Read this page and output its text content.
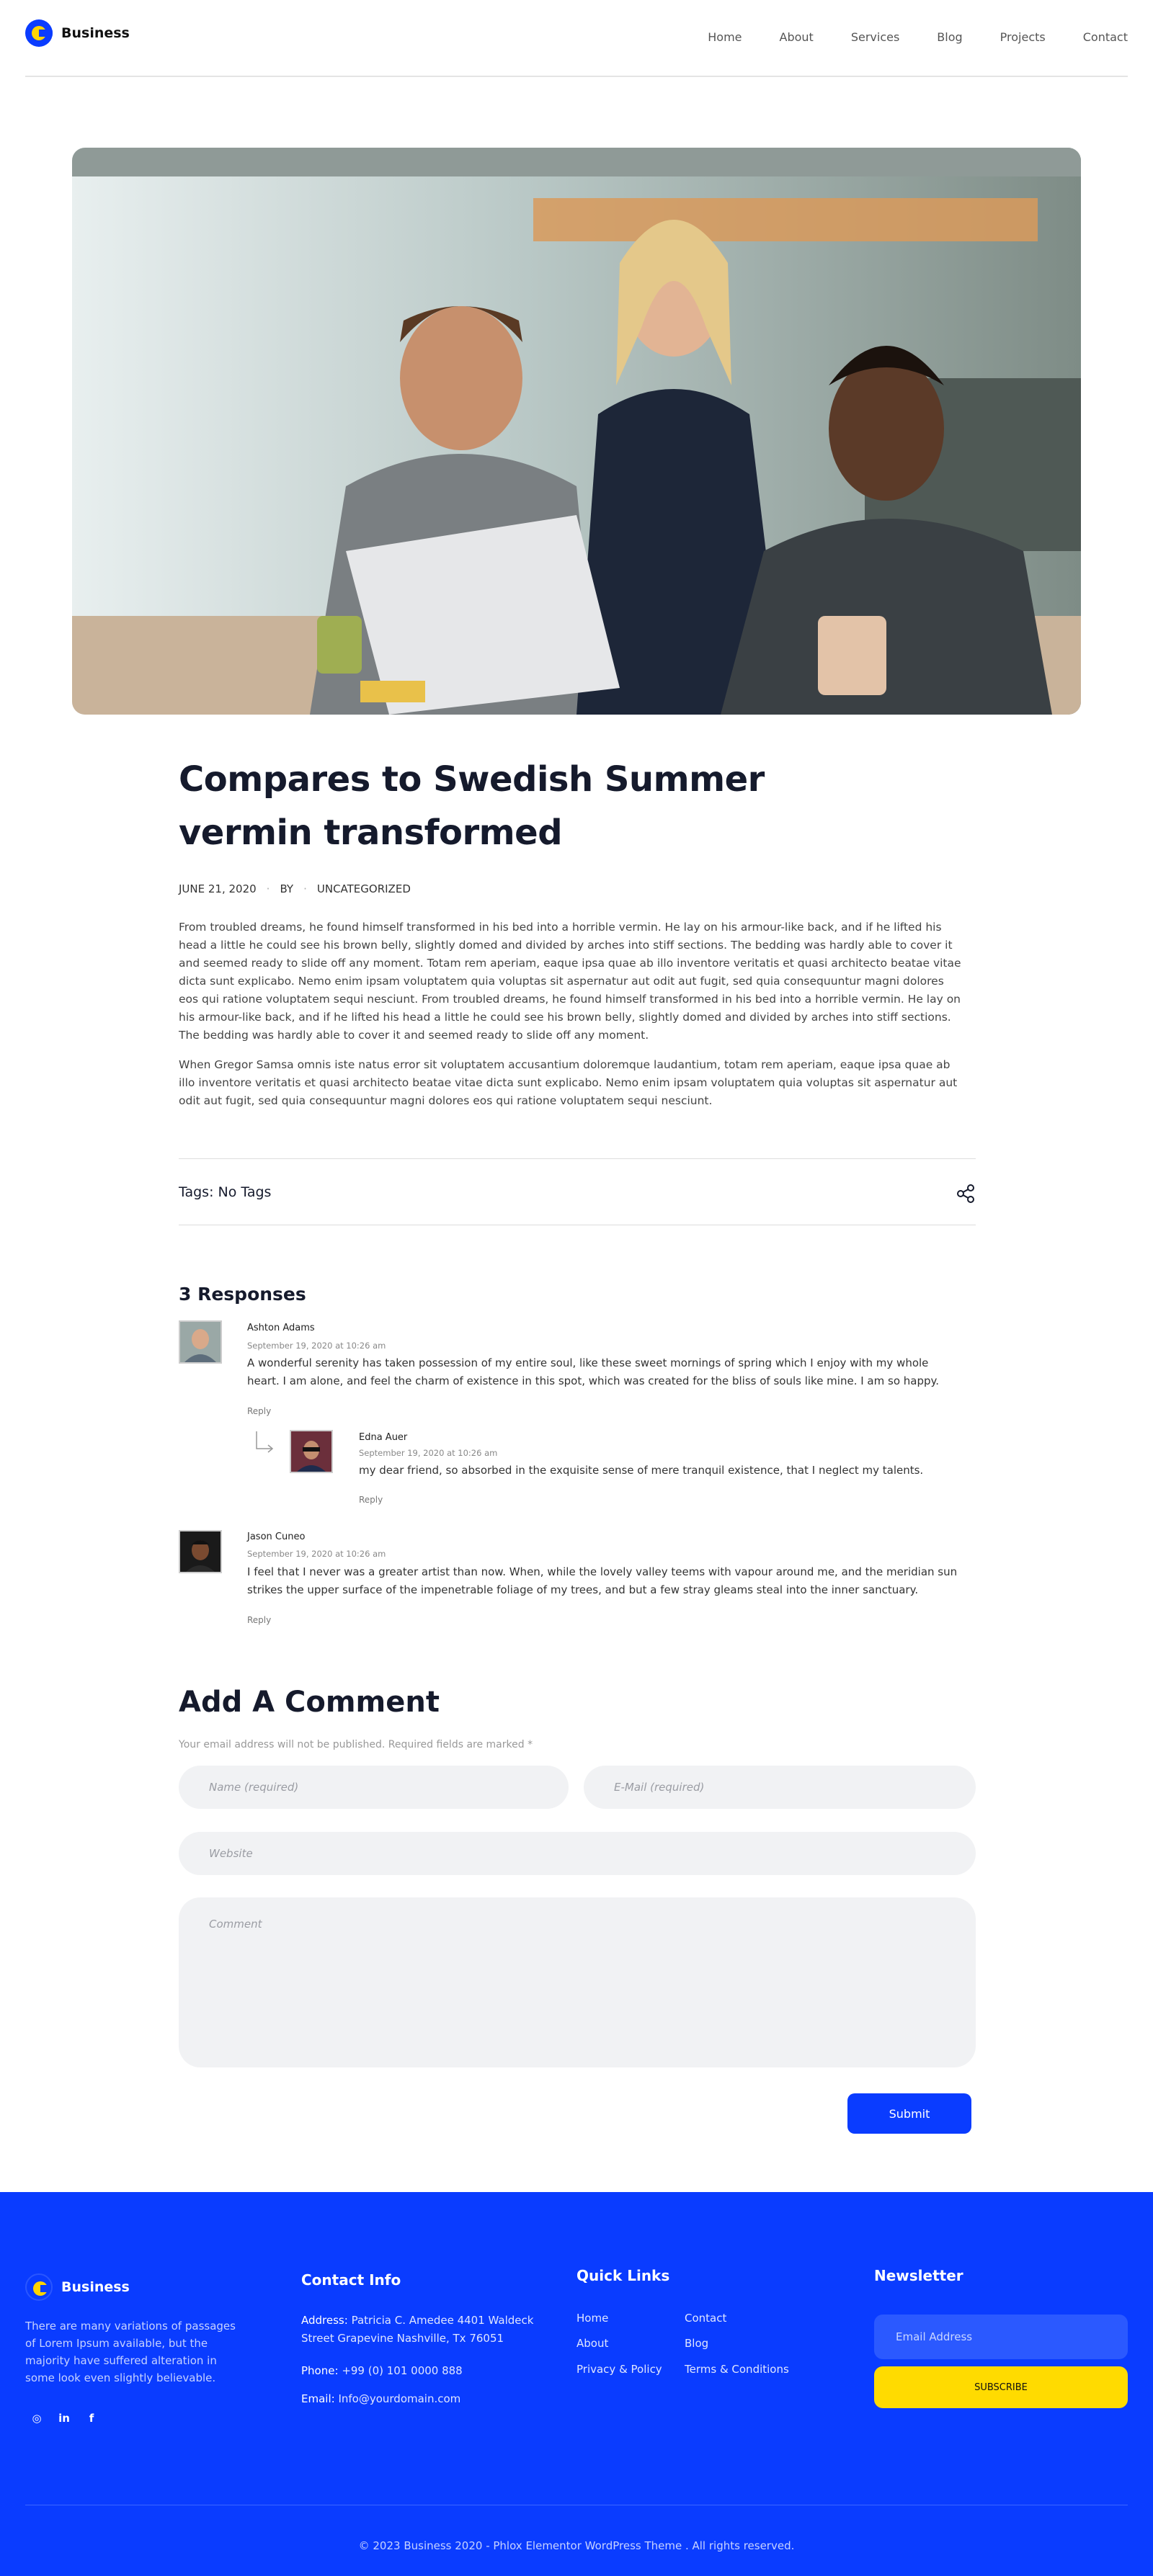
Business	Home	About	Services	Blog	Projects	Contact
Compares to Swedish Summer vermin transformed
JUNE 21, 2020 · BY · UNCATEGORIZED

From troubled dreams, he found himself transformed in his bed into a horrible vermin. He lay on his armour-like back, and if he lifted his head a little he could see his brown belly, slightly domed and divided by arches into stiff sections. The bedding was hardly able to cover it and seemed ready to slide off any moment. Totam rem aperiam, eaque ipsa quae ab illo inventore veritatis et quasi architecto beatae vitae dicta sunt explicabo. Nemo enim ipsam voluptatem quia voluptas sit aspernatur aut odit aut fugit, sed quia consequuntur magni dolores eos qui ratione voluptatem sequi nesciunt. From troubled dreams, he found himself transformed in his bed into a horrible vermin. He lay on his armour-like back, and if he lifted his head a little he could see his brown belly, slightly domed and divided by arches into stiff sections. The bedding was hardly able to cover it and seemed ready to slide off any moment.

When Gregor Samsa omnis iste natus error sit voluptatem accusantium doloremque laudantium, totam rem aperiam, eaque ipsa quae ab illo inventore veritatis et quasi architecto beatae vitae dicta sunt explicabo. Nemo enim ipsam voluptatem quia voluptas sit aspernatur aut odit aut fugit, sed quia consequuntur magni dolores eos qui ratione voluptatem sequi nesciunt.

Tags: No Tags
3 Responses
Ashton Adams
September 19, 2020 at 10:26 am

A wonderful serenity has taken possession of my entire soul, like these sweet mornings of spring which I enjoy with my whole heart. I am alone, and feel the charm of existence in this spot, which was created for the bliss of souls like mine. I am so happy.

Reply
Edna Auer
September 19, 2020 at 10:26 am

my dear friend, so absorbed in the exquisite sense of mere tranquil existence, that I neglect my talents.

Reply
Jason Cuneo
September 19, 2020 at 10:26 am

I feel that I never was a greater artist than now. When, while the lovely valley teems with vapour around me, and the meridian sun strikes the upper surface of the impenetrable foliage of my trees, and but a few stray gleams steal into the inner sanctuary.

Reply
Add A Comment

Your email address will not be published. Required fields are marked *

Name (required)
E-Mail (required)
Website
Comment
Submit
Business

There are many variations of passages of Lorem Ipsum available, but the majority have suffered alteration in some look even slightly believable.

◎ in	f
Contact Info

Address: Patricia C. Amedee 4401 Waldeck Street Grapevine Nashville, Tx 76051

Phone: +99 (0) 101 0000 888

Email: Info@yourdomain.com

Quick Links
Home	Contact
About	Blog
Privacy & Policy Terms & Conditions
Newsletter
Email Address
SUBSCRIBE

© 2023 Business 2020 - Phlox Elementor WordPress Theme . All rights reserved.
